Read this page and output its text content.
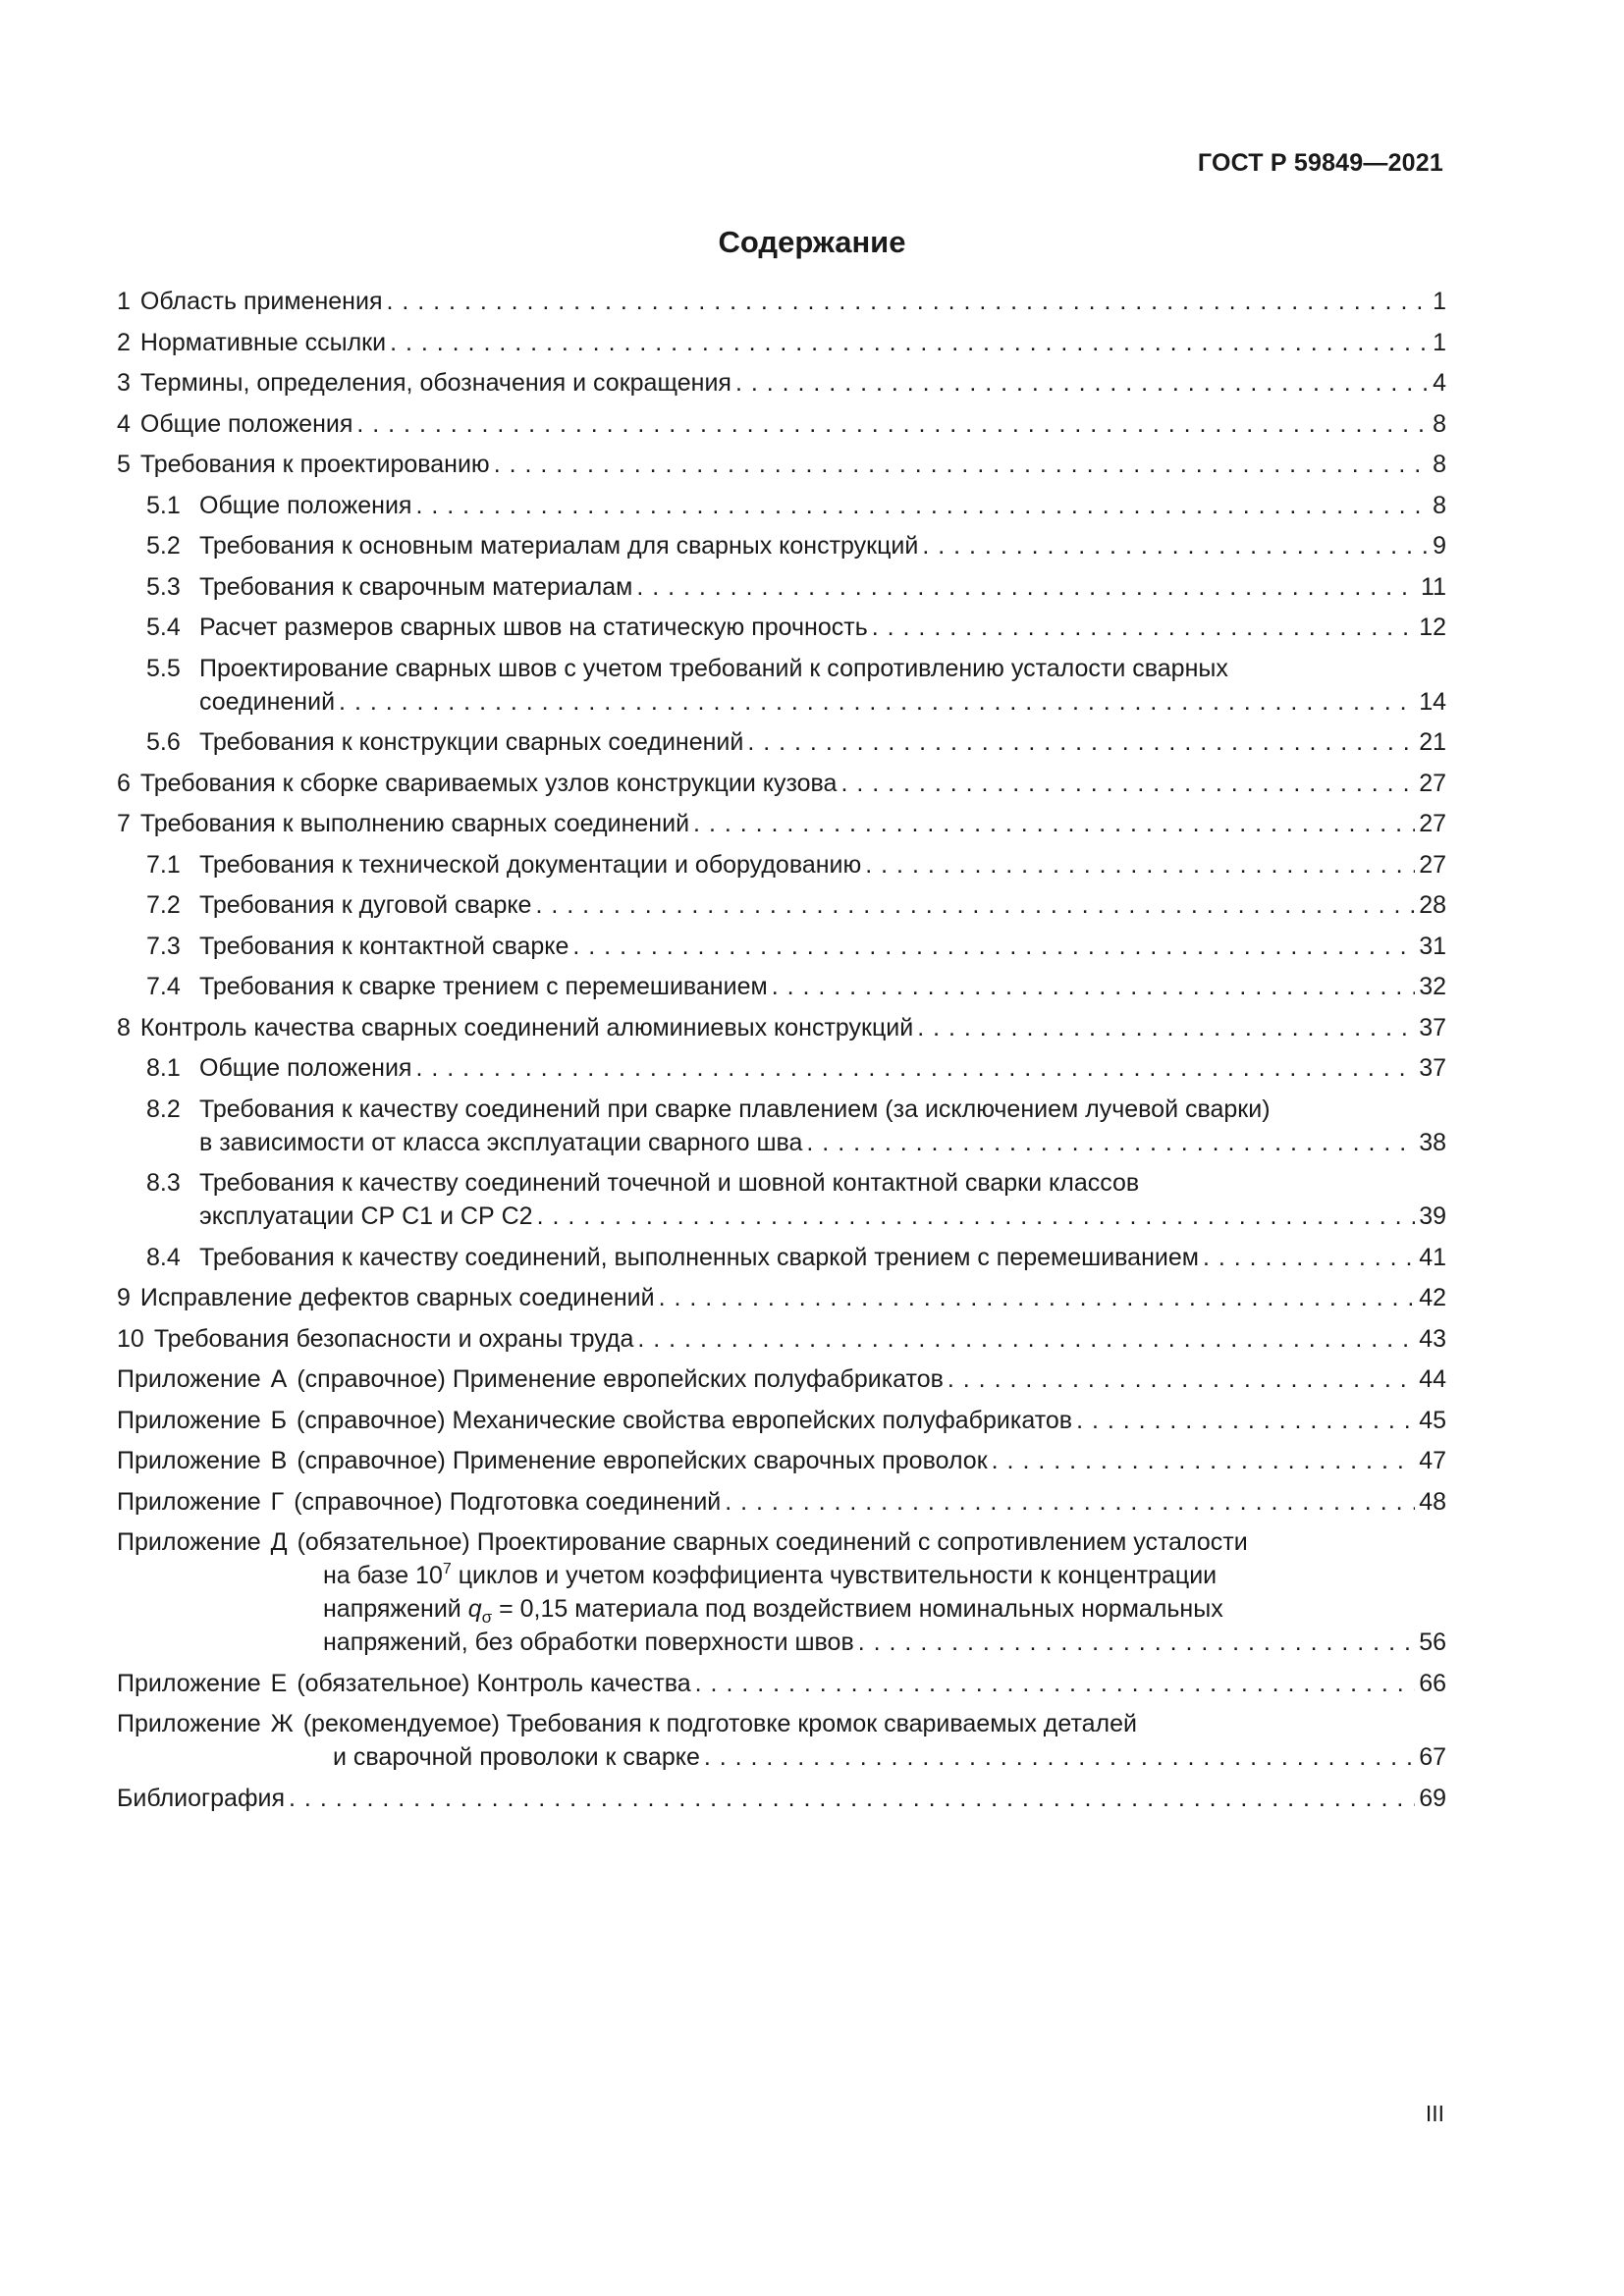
ГОСТ Р 59849—2021
Содержание
1 Область применения . . .	1
2 Нормативные ссылки . . .	1
3 Термины, определения, обозначения и сокращения . . .	4
4 Общие положения . . .	8
5 Требования к проектированию . . .	8
5.1 Общие положения . . .	8
5.2 Требования к основным материалам для сварных конструкций . . .	9
5.3 Требования к сварочным материалам . . .	11
5.4 Расчет размеров сварных швов на статическую прочность . . .	12
5.5 Проектирование сварных швов с учетом требований к сопротивлению усталости сварных
соединений . . .	14
5.6 Требования к конструкции сварных соединений . . .	21
6 Требования к сборке свариваемых узлов конструкции кузова . . .	27
7 Требования к выполнению сварных соединений . . .	27
7.1 Требования к технической документации и оборудованию . . .	27
7.2 Требования к дуговой сварке . . .	28
7.3 Требования к контактной сварке . . .	31
7.4 Требования к сварке трением с перемешиванием . . .	32
8 Контроль качества сварных соединений алюминиевых конструкций . . .	37
8.1 Общие положения . . .	37
8.2 Требования к качеству соединений при сварке плавлением (за исключением лучевой сварки)
в зависимости от класса эксплуатации сварного шва . . .	38
8.3 Требования к качеству соединений точечной и шовной контактной сварки классов
эксплуатации СР С1 и СР С2 . . .	39
8.4 Требования к качеству соединений, выполненных сваркой трением с перемешиванием . . .	41
9 Исправление дефектов сварных соединений . . .	42
10 Требования безопасности и охраны труда . . .	43
Приложение А (справочное) Применение европейских полуфабрикатов . . .	44
Приложение Б (справочное) Механические свойства европейских полуфабрикатов . . .	45
Приложение В (справочное) Применение европейских сварочных проволок . . .	47
Приложение Г (справочное) Подготовка соединений . . .	48
Приложение Д (обязательное) Проектирование сварных соединений с сопротивлением усталости
на базе $10^7$ циклов и учетом коэффициента чувствительности к концентрации
напряжений $q_\sigma = 0,15$ материала под воздействием номинальных нормальных
напряжений, без обработки поверхности швов . . .	56
Приложение Е (обязательное) Контроль качества . . .	66
Приложение Ж (рекомендуемое) Требования к подготовке кромок свариваемых деталей
и сварочной проволоки к сварке . . .	67
Библиография . . .	69
III
